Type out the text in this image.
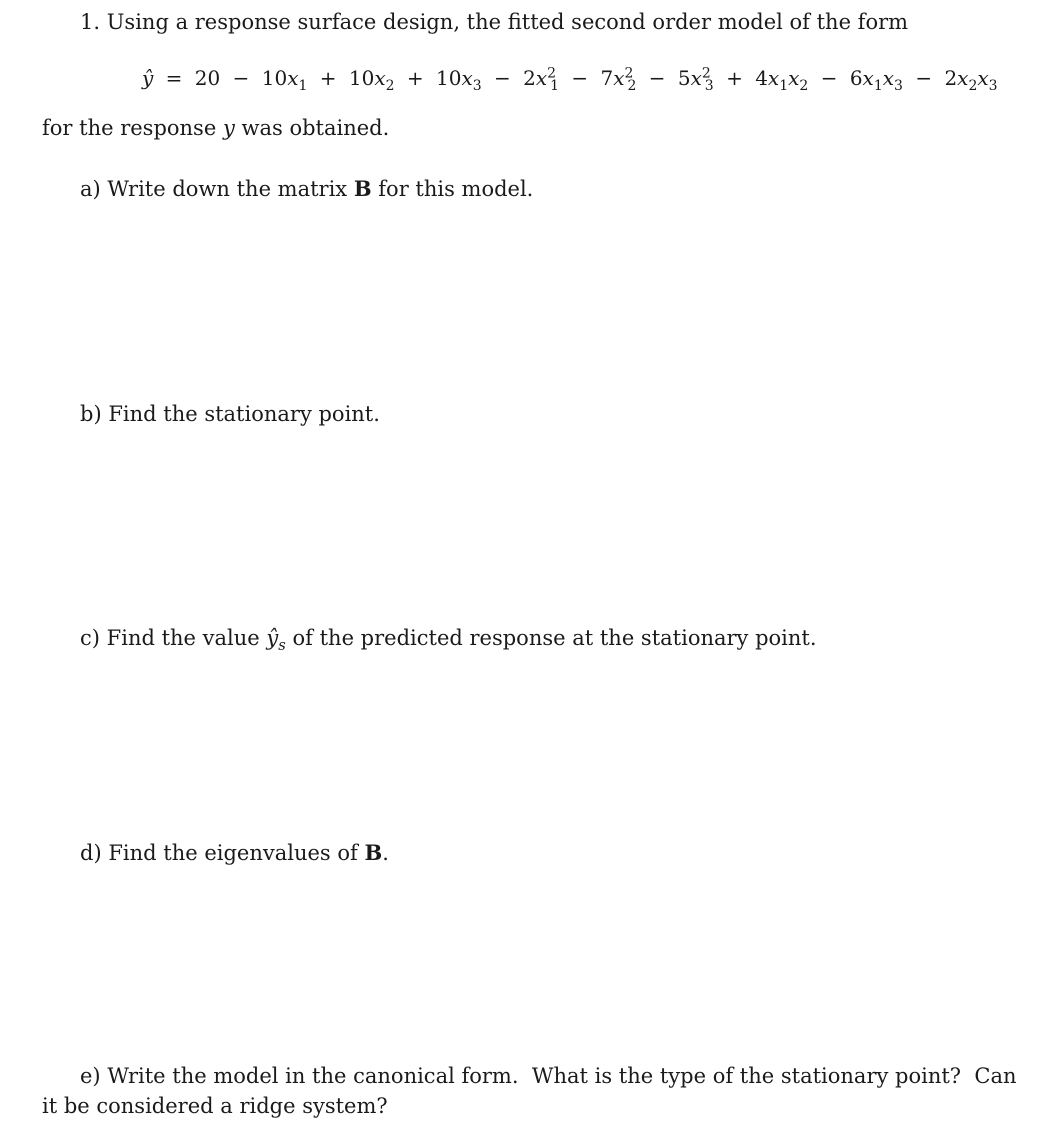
1. Using a response surface design, the fitted second order model of the form
ŷ = $20 - 10x_1 + 10x_2 + 10x_3 - 2x^2_1 - 7x^2_2 - 5x^2_3 + 4x_1x_2 - 6x_1x_3 - 2x_2x_3$
for the response y was obtained.
a) Write down the matrix B for this model.
b) Find the stationary point.
c) Find the value $ŷ_s$ of the predicted response at the stationary point.
d) Find the eigenvalues of B.
e) Write the model in the canonical form.  What is the type of the stationary point?  Can
it be considered a ridge system?
